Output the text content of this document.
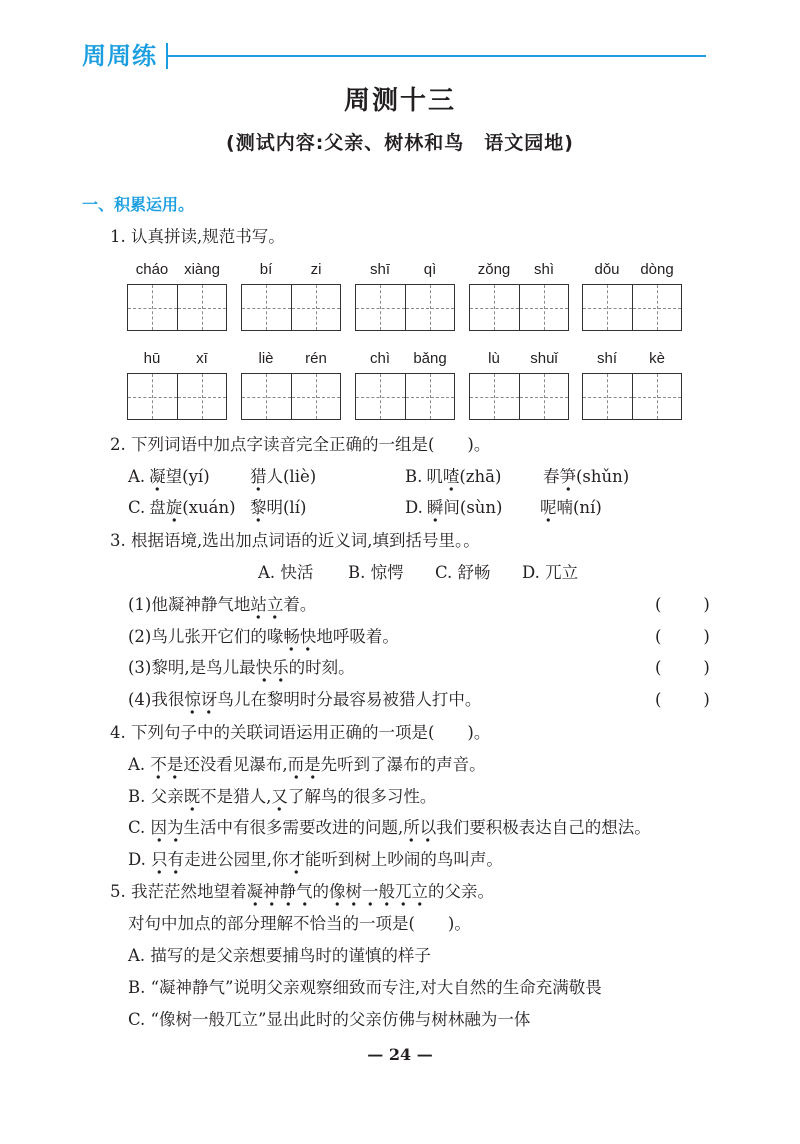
周周练
周测十三
(测试内容:父亲、树林和鸟　语文园地)
一、积累运用。
1. 认真拼读,规范书写。
cháo xiàng	bí	zi	shī qì	zǒng shì	dǒu dòng
hū xī	liè rén	chì bǎng	lù shuǐ	shí kè
2. 下列词语中加点字读音完全正确的一组是(　　)。
A. 凝望(yí) 猎人(liè)	B. 叽喳(zhā)	春笋(shǔn)
C. 盘旋(xuán) 黎明(lí)	D. 瞬间(sùn) 呢喃(ní)
3. 根据语境,选出加点词语的近义词,填到括号里。。
A. 快活 B. 惊愕 C. 舒畅 D. 兀立
(1)他凝神静气地站立着。	(　　)
(2)鸟儿张开它们的喙畅快地呼吸着。	(　　)
(3)黎明,是鸟儿最快乐的时刻。	(　　)
(4)我很惊讶鸟儿在黎明时分最容易被猎人打中。	(　　)
4. 下列句子中的关联词语运用正确的一项是(　　)。
A. 不是还没看见瀑布,而是先听到了瀑布的声音。
B. 父亲既不是猎人,又了解鸟的很多习性。
C. 因为生活中有很多需要改进的问题,所以我们要积极表达自己的想法。
D. 只有走进公园里,你才能听到树上吵闹的鸟叫声。
5. 我茫茫然地望着凝神静气的像树一般兀立的父亲。
对句中加点的部分理解不恰当的一项是(　　)。
A. 描写的是父亲想要捕鸟时的谨慎的样子
B. “凝神静气”说明父亲观察细致而专注,对大自然的生命充满敬畏
C. “像树一般兀立”显出此时的父亲仿佛与树林融为一体
— 24 —
